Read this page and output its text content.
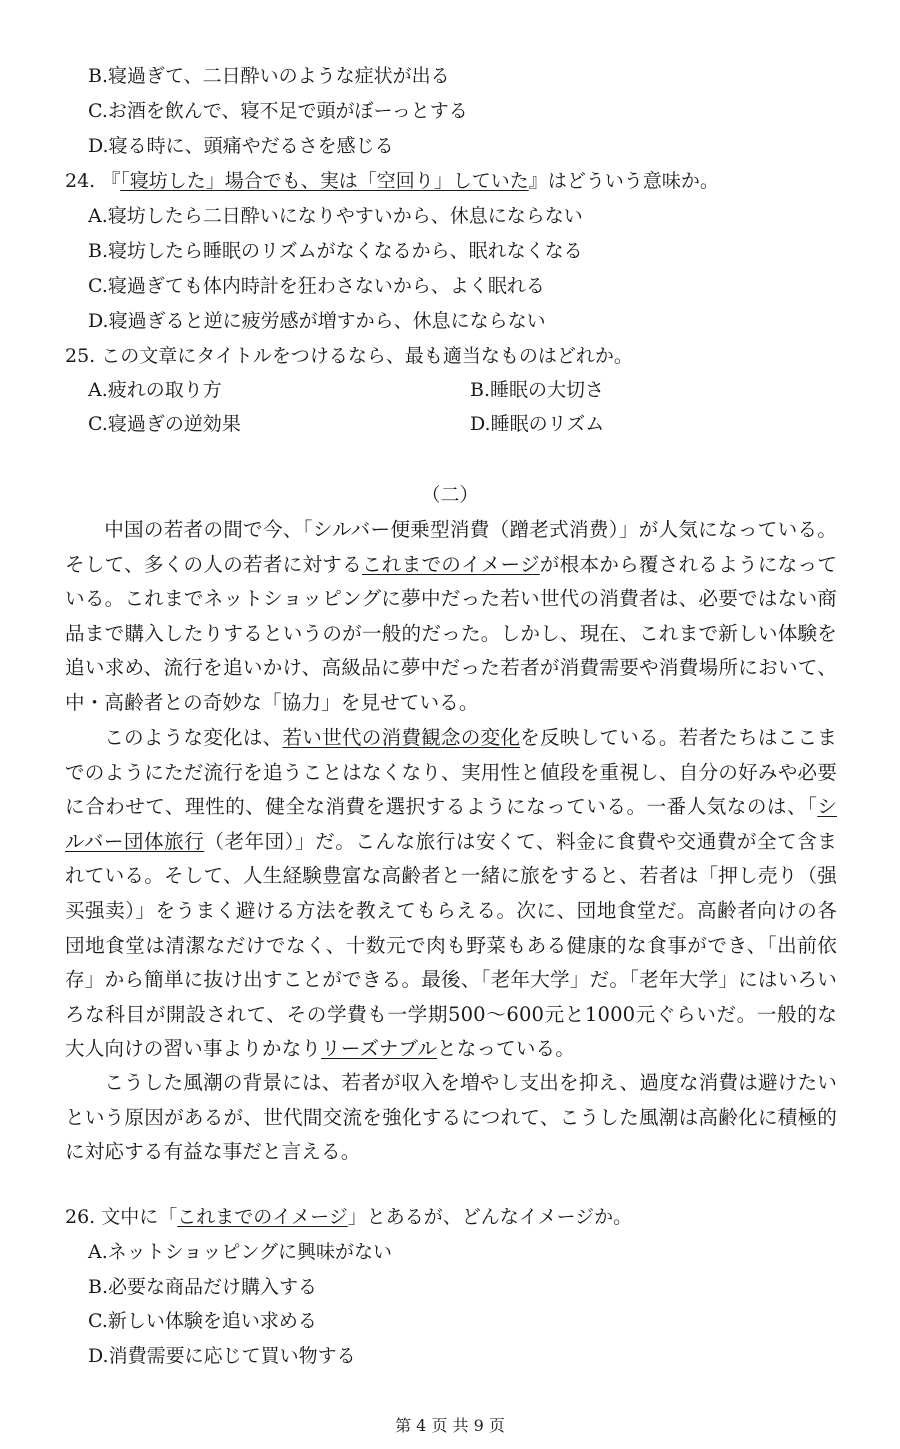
B.寝過ぎて、二日酔いのような症状が出る
C.お酒を飲んで、寝不足で頭がぼーっとする
D.寝る時に、頭痛やだるさを感じる
24. 『「寝坊した」場合でも、実は「空回り」していた』はどういう意味か。
A.寝坊したら二日酔いになりやすいから、休息にならない
B.寝坊したら睡眠のリズムがなくなるから、眠れなくなる
C.寝過ぎても体内時計を狂わさないから、よく眠れる
D.寝過ぎると逆に疲労感が増すから、休息にならない
25. この文章にタイトルをつけるなら、最も適当なものはどれか。
A.疲れの取り方	B.睡眠の大切さ
C.寝過ぎの逆効果	D.睡眠のリズム
（二）
中国の若者の間で今、「シルバー便乗型消費（蹭老式消费）」が人気になっている。そして、多くの人の若者に対するこれまでのイメージが根本から覆されるようになっている。これまでネットショッピングに夢中だった若い世代の消費者は、必要ではない商品まで購入したりするというのが一般的だった。しかし、現在、これまで新しい体験を追い求め、流行を追いかけ、高級品に夢中だった若者が消費需要や消費場所において、中・高齢者との奇妙な「協力」を見せている。
このような変化は、若い世代の消費観念の変化を反映している。若者たちはここまでのようにただ流行を追うことはなくなり、実用性と値段を重視し、自分の好みや必要に合わせて、理性的、健全な消費を選択するようになっている。一番人気なのは、「シルバー団体旅行（老年団）」だ。こんな旅行は安くて、料金に食費や交通費が全て含まれている。そして、人生経験豊富な高齢者と一緒に旅をすると、若者は「押し売り（强买强卖）」をうまく避ける方法を教えてもらえる。次に、団地食堂だ。高齢者向けの各団地食堂は清潔なだけでなく、十数元で肉も野菜もある健康的な食事ができ、「出前依存」から簡単に抜け出すことができる。最後、「老年大学」だ。「老年大学」にはいろいろな科目が開設されて、その学費も一学期500～600元と1000元ぐらいだ。一般的な大人向けの習い事よりかなりリーズナブルとなっている。
こうした風潮の背景には、若者が収入を増やし支出を抑え、過度な消費は避けたいという原因があるが、世代間交流を強化するにつれて、こうした風潮は高齢化に積極的に対応する有益な事だと言える。
26. 文中に「これまでのイメージ」とあるが、どんなイメージか。
A.ネットショッピングに興味がない
B.必要な商品だけ購入する
C.新しい体験を追い求める
D.消費需要に応じて買い物する
第 4 页 共 9 页
